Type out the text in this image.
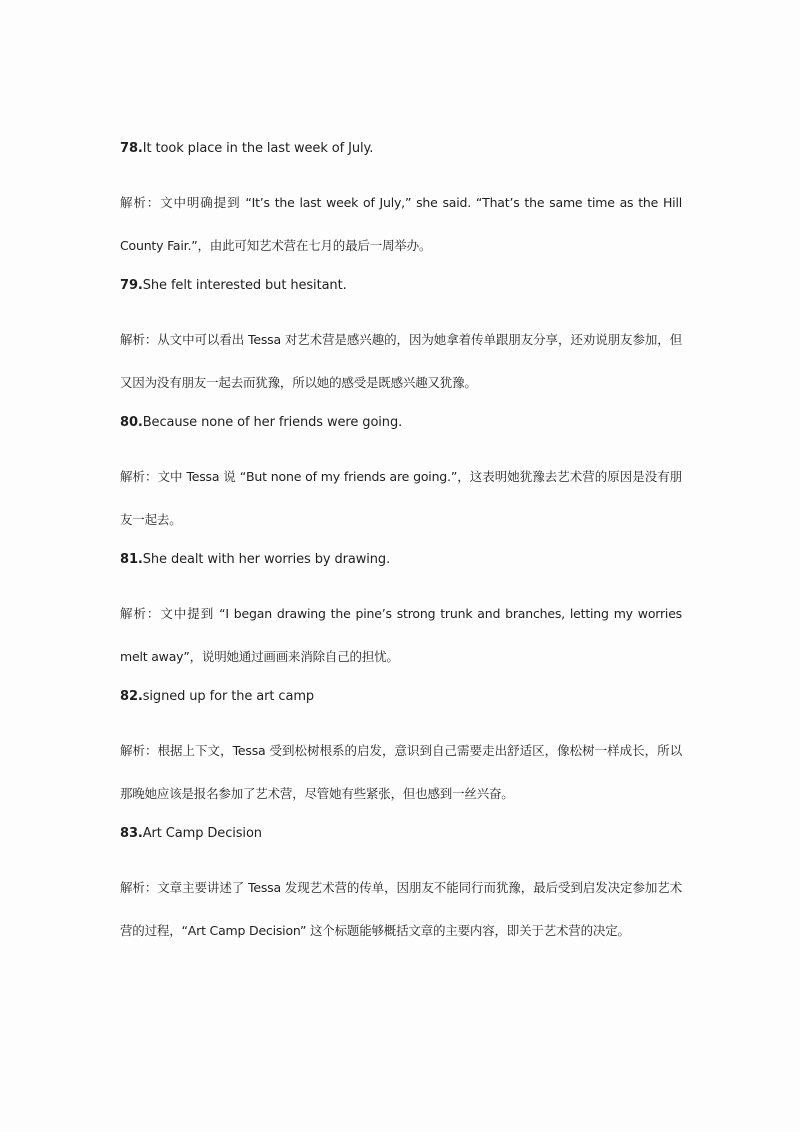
78.It took place in the last week of July.

解析：文中明确提到 “It’s the last week of July,” she said. “That’s the same time as the Hill County Fair.”，由此可知艺术营在七月的最后一周举办。

79.She felt interested but hesitant.

解析：从文中可以看出 Tessa 对艺术营是感兴趣的，因为她拿着传单跟朋友分享，还劝说朋友参加，但又因为没有朋友一起去而犹豫，所以她的感受是既感兴趣又犹豫。

80.Because none of her friends were going.

解析：文中 Tessa 说 “But none of my friends are going.”，这表明她犹豫去艺术营的原因是没有朋友一起去。

81.She dealt with her worries by drawing.

解析：文中提到 “I began drawing the pine’s strong trunk and branches, letting my worries melt away”，说明她通过画画来消除自己的担忧。

82.signed up for the art camp

解析：根据上下文，Tessa 受到松树根系的启发，意识到自己需要走出舒适区，像松树一样成长，所以那晚她应该是报名参加了艺术营，尽管她有些紧张，但也感到一丝兴奋。

83.Art Camp Decision

解析：文章主要讲述了 Tessa 发现艺术营的传单，因朋友不能同行而犹豫，最后受到启发决定参加艺术营的过程，“Art Camp Decision” 这个标题能够概括文章的主要内容，即关于艺术营的决定。
